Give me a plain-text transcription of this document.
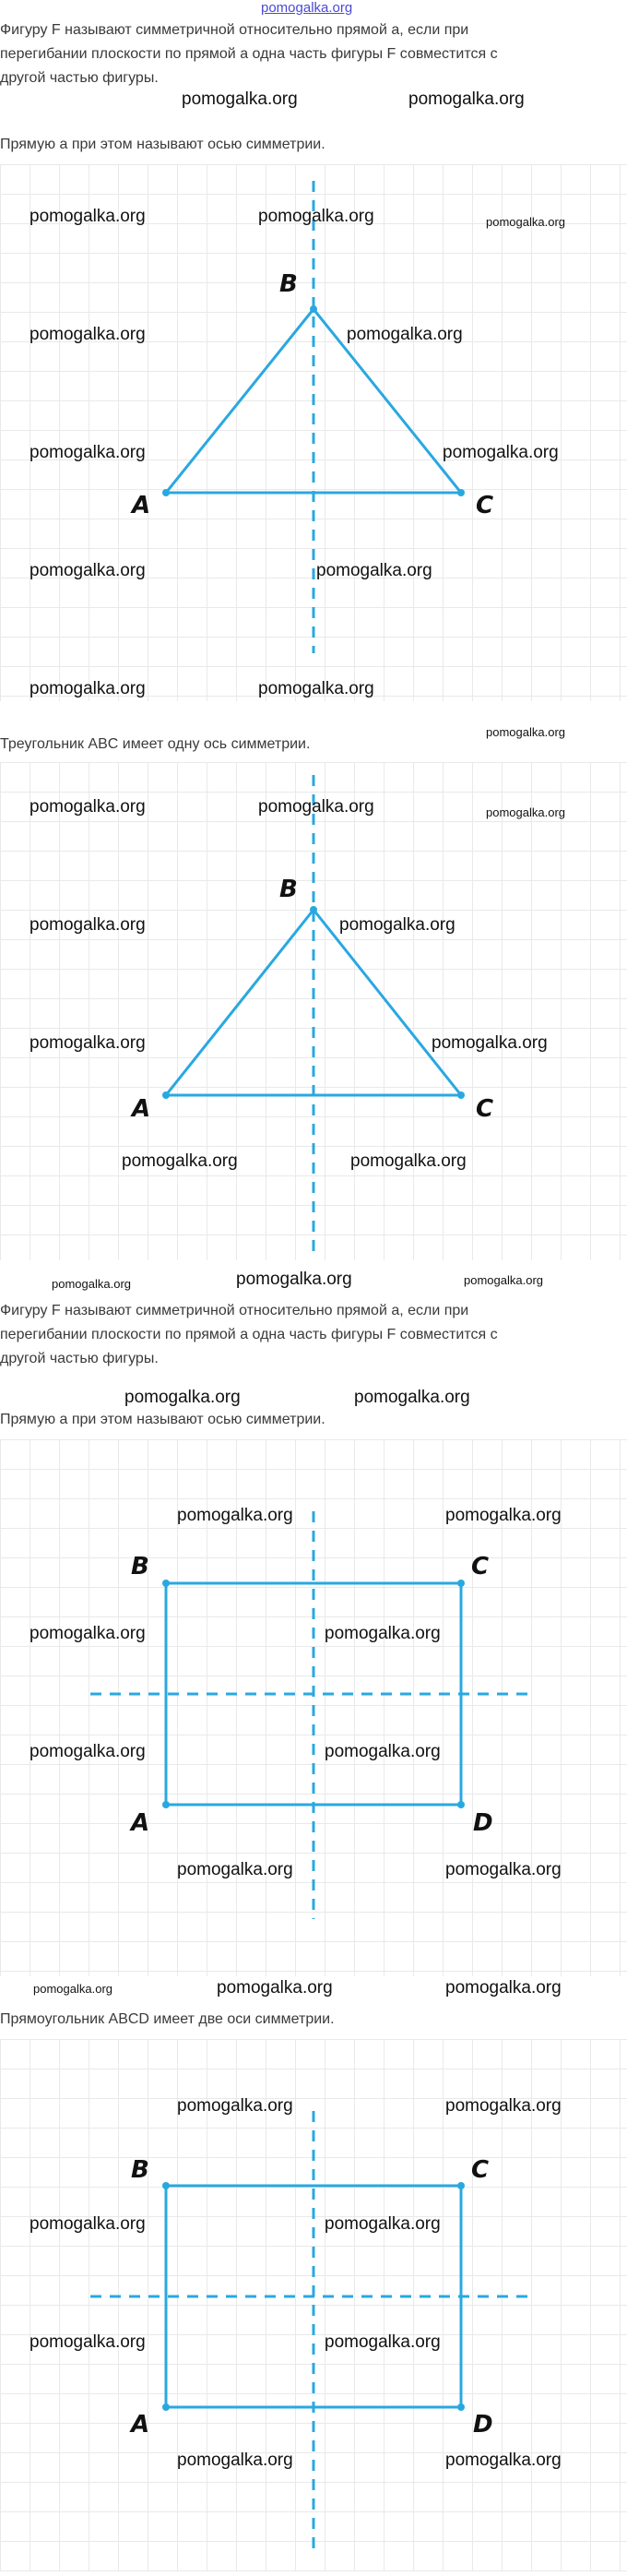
pomogalka.org
Фигуру F называют симметричной относительно прямой a, если при
перегибании плоскости по прямой a одна часть фигуры F совместится с
другой частью фигуры.
Прямую a при этом называют осью симметрии.
B
A	C
Треугольник ABC имеет одну ось симметрии.
B
A	C
Фигуру F называют симметричной относительно прямой a, если при
перегибании плоскости по прямой a одна часть фигуры F совместится с
другой частью фигуры.
Прямую a при этом называют осью симметрии.
B	C
A	D
Прямоугольник ABCD имеет две оси симметрии.
B	C
A	D
pomogalka.org	pomogalka.org
pomogalka.org	pomogalka.org	pomogalka.org
pomogalka.org	pomogalka.org
pomogalka.org	pomogalka.org
pomogalka.org	pomogalka.org
pomogalka.org	pomogalka.org
pomogalka.org
pomogalka.org	pomogalka.org	pomogalka.org
pomogalka.org	pomogalka.org
pomogalka.org	pomogalka.org
pomogalka.org	pomogalka.org
pomogalka.org	pomogalka.org	pomogalka.org
pomogalka.org	pomogalka.org
pomogalka.org	pomogalka.org
pomogalka.org	pomogalka.org
pomogalka.org	pomogalka.org
pomogalka.org	pomogalka.org
pomogalka.org	pomogalka.org	pomogalka.org
pomogalka.org	pomogalka.org
pomogalka.org	pomogalka.org
pomogalka.org	pomogalka.org
pomogalka.org	pomogalka.org
